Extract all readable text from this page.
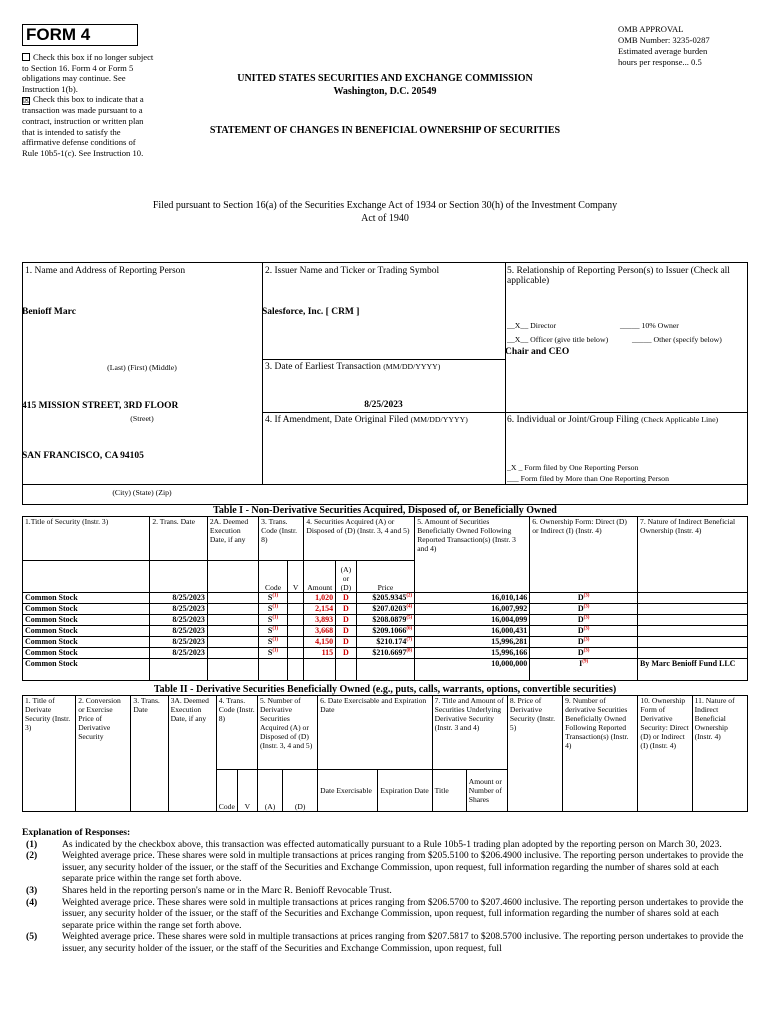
FORM 4
Check this box if no longer subject to Section 16. Form 4 or Form 5 obligations may continue. See Instruction 1(b).
☒ Check this box to indicate that a transaction was made pursuant to a contract, instruction or written plan that is intended to satisfy the affirmative defense conditions of Rule 10b5-1(c). See Instruction 10.
OMB APPROVAL
OMB Number: 3235-0287
Estimated average burden
hours per response... 0.5
UNITED STATES SECURITIES AND EXCHANGE COMMISSION
Washington, D.C. 20549
STATEMENT OF CHANGES IN BENEFICIAL OWNERSHIP OF SECURITIES
Filed pursuant to Section 16(a) of the Securities Exchange Act of 1934 or Section 30(h) of the Investment Company Act of 1940
1. Name and Address of Reporting Person
Benioff Marc
(Last) (First) (Middle)
415 MISSION STREET, 3RD FLOOR
(Street)
SAN FRANCISCO, CA 94105
(City) (State) (Zip)
2. Issuer Name and Ticker or Trading Symbol
Salesforce, Inc. [ CRM ]
3. Date of Earliest Transaction (MM/DD/YYYY)
8/25/2023
4. If Amendment, Date Original Filed (MM/DD/YYYY)
5. Relationship of Reporting Person(s) to Issuer (Check all applicable)
__X__ Director	_____ 10% Owner
__X__ Officer (give title below)	_____ Other (specify below)
Chair and CEO
6. Individual or Joint/Group Filing (Check Applicable Line)
_X _ Form filed by One Reporting Person
___ Form filed by More than One Reporting Person
Table I - Non-Derivative Securities Acquired, Disposed of, or Beneficially Owned
1.Title of Security (Instr. 3)	2. Trans. Date	2A. Deemed Execution Date, if any	3. Trans. Code (Instr. 8)		4. Securities Acquired (A) or Disposed of (D) (Instr. 3, 4 and 5)			5. Amount of Securities Beneficially Owned Following Reported Transaction(s) (Instr. 3 and 4)	6. Ownership Form: Direct (D) or Indirect (I) (Instr. 4)	7. Nature of Indirect Beneficial Ownership (Instr. 4)
			Code	V	Amount	(A) or (D)	Price			
Common Stock	8/25/2023		$S^{(1)}$		1,020	D	$205.9345$^{(2)}$	16,010,146	$D^{(3)}$	
Common Stock	8/25/2023		$S^{(1)}$		2,154	D	$207.0203$^{(4)}$	16,007,992	$D^{(3)}$	
Common Stock	8/25/2023		$S^{(1)}$		3,893	D	$208.0879$^{(5)}$	16,004,099	$D^{(3)}$	
Common Stock	8/25/2023		$S^{(1)}$		3,668	D	$209.1066$^{(6)}$	16,000,431	$D^{(3)}$	
Common Stock	8/25/2023		$S^{(1)}$		4,150	D	$210.174$^{(7)}$	15,996,281	$D^{(3)}$	
Common Stock	8/25/2023		$S^{(1)}$		115	D	$210.6697$^{(8)}$	15,996,166	$D^{(3)}$	
Common Stock								10,000,000	$I^{(9)}$	By Marc Benioff Fund LLC
Table II - Derivative Securities Beneficially Owned (e.g., puts, calls, warrants, options, convertible securities)
1. Title of Derivate Security (Instr. 3)	2. Conversion or Exercise Price of Derivative Security	3. Trans. Date	3A. Deemed Execution Date, if any	4. Trans. Code (Instr. 8)		5. Number of Derivative Securities Acquired (A) or Disposed of (D) (Instr. 3, 4 and 5)		6. Date Exercisable and Expiration Date		7. Title and Amount of Securities Underlying Derivative Security (Instr. 3 and 4)		8. Price of Derivative Security (Instr. 5)	9. Number of derivative Securities Beneficially Owned Following Reported Transaction(s) (Instr. 4)	10. Ownership Form of Derivative Security: Direct (D) or Indirect (I) (Instr. 4)	11. Nature of Indirect Beneficial Ownership (Instr. 4)
				Code	V	(A)	(D)	Date Exercisable	Expiration Date	Title	Amount or Number of Shares				
Explanation of Responses:
(1)	As indicated by the checkbox above, this transaction was effected automatically pursuant to a Rule 10b5-1 trading plan adopted by the reporting person on March 30, 2023.
(2)	Weighted average price. These shares were sold in multiple transactions at prices ranging from $205.5100 to $206.4900 inclusive. The reporting person undertakes to provide the issuer, any security holder of the issuer, or the staff of the Securities and Exchange Commission, upon request, full information regarding the number of shares sold at each separate price within the range set forth above.
(3)	Shares held in the reporting person's name or in the Marc R. Benioff Revocable Trust.
(4)	Weighted average price. These shares were sold in multiple transactions at prices ranging from $206.5700 to $207.4600 inclusive. The reporting person undertakes to provide the issuer, any security holder of the issuer, or the staff of the Securities and Exchange Commission, upon request, full information regarding the number of shares sold at each separate price within the range set forth above.
(5)	Weighted average price. These shares were sold in multiple transactions at prices ranging from $207.5817 to $208.5700 inclusive. The reporting person undertakes to provide the issuer, any security holder of the issuer, or the staff of the Securities and Exchange Commission, upon request, full
